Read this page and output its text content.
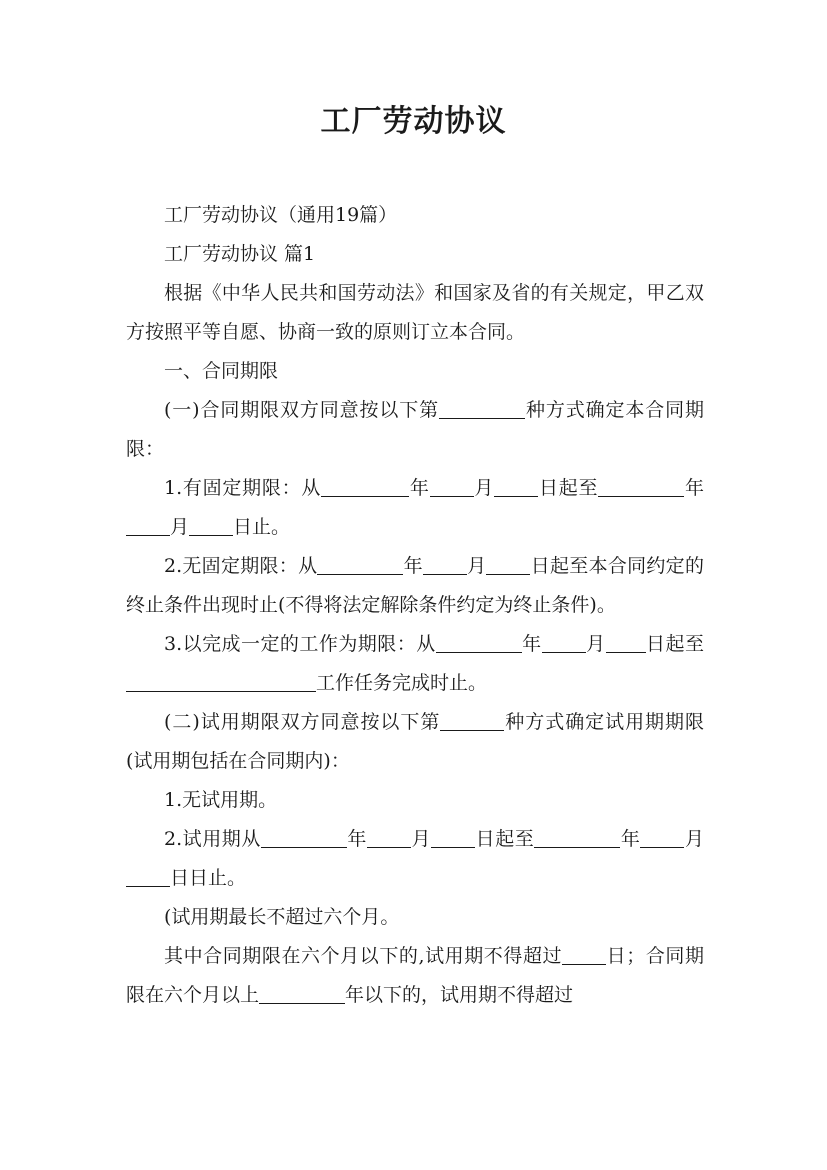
工厂劳动协议

工厂劳动协议（通用19篇）

工厂劳动协议 篇1

根据《中华人民共和国劳动法》和国家及省的有关规定，甲乙双方按照平等自愿、协商一致的原则订立本合同。

一、合同期限

(一)合同期限双方同意按以下第	种方式确定本合同期限：

1.有固定期限：从	年 月 日起至	年月 日止。

2.无固定期限：从	年 月 日起至本合同约定的终止条件出现时止(不得将法定解除条件约定为终止条件)。

3.以完成一定的工作为期限：从	年 月 日起至工作任务完成时止。

(二)试用期限双方同意按以下第	种方式确定试用期期限(试用期包括在合同期内)：

1.无试用期。

2.试用期从	年 月 日起至	年 月日日止。

(试用期最长不超过六个月。

其中合同期限在六个月以下的,试用期不得超过 日；合同期限在六个月以上	年以下的，试用期不得超过
